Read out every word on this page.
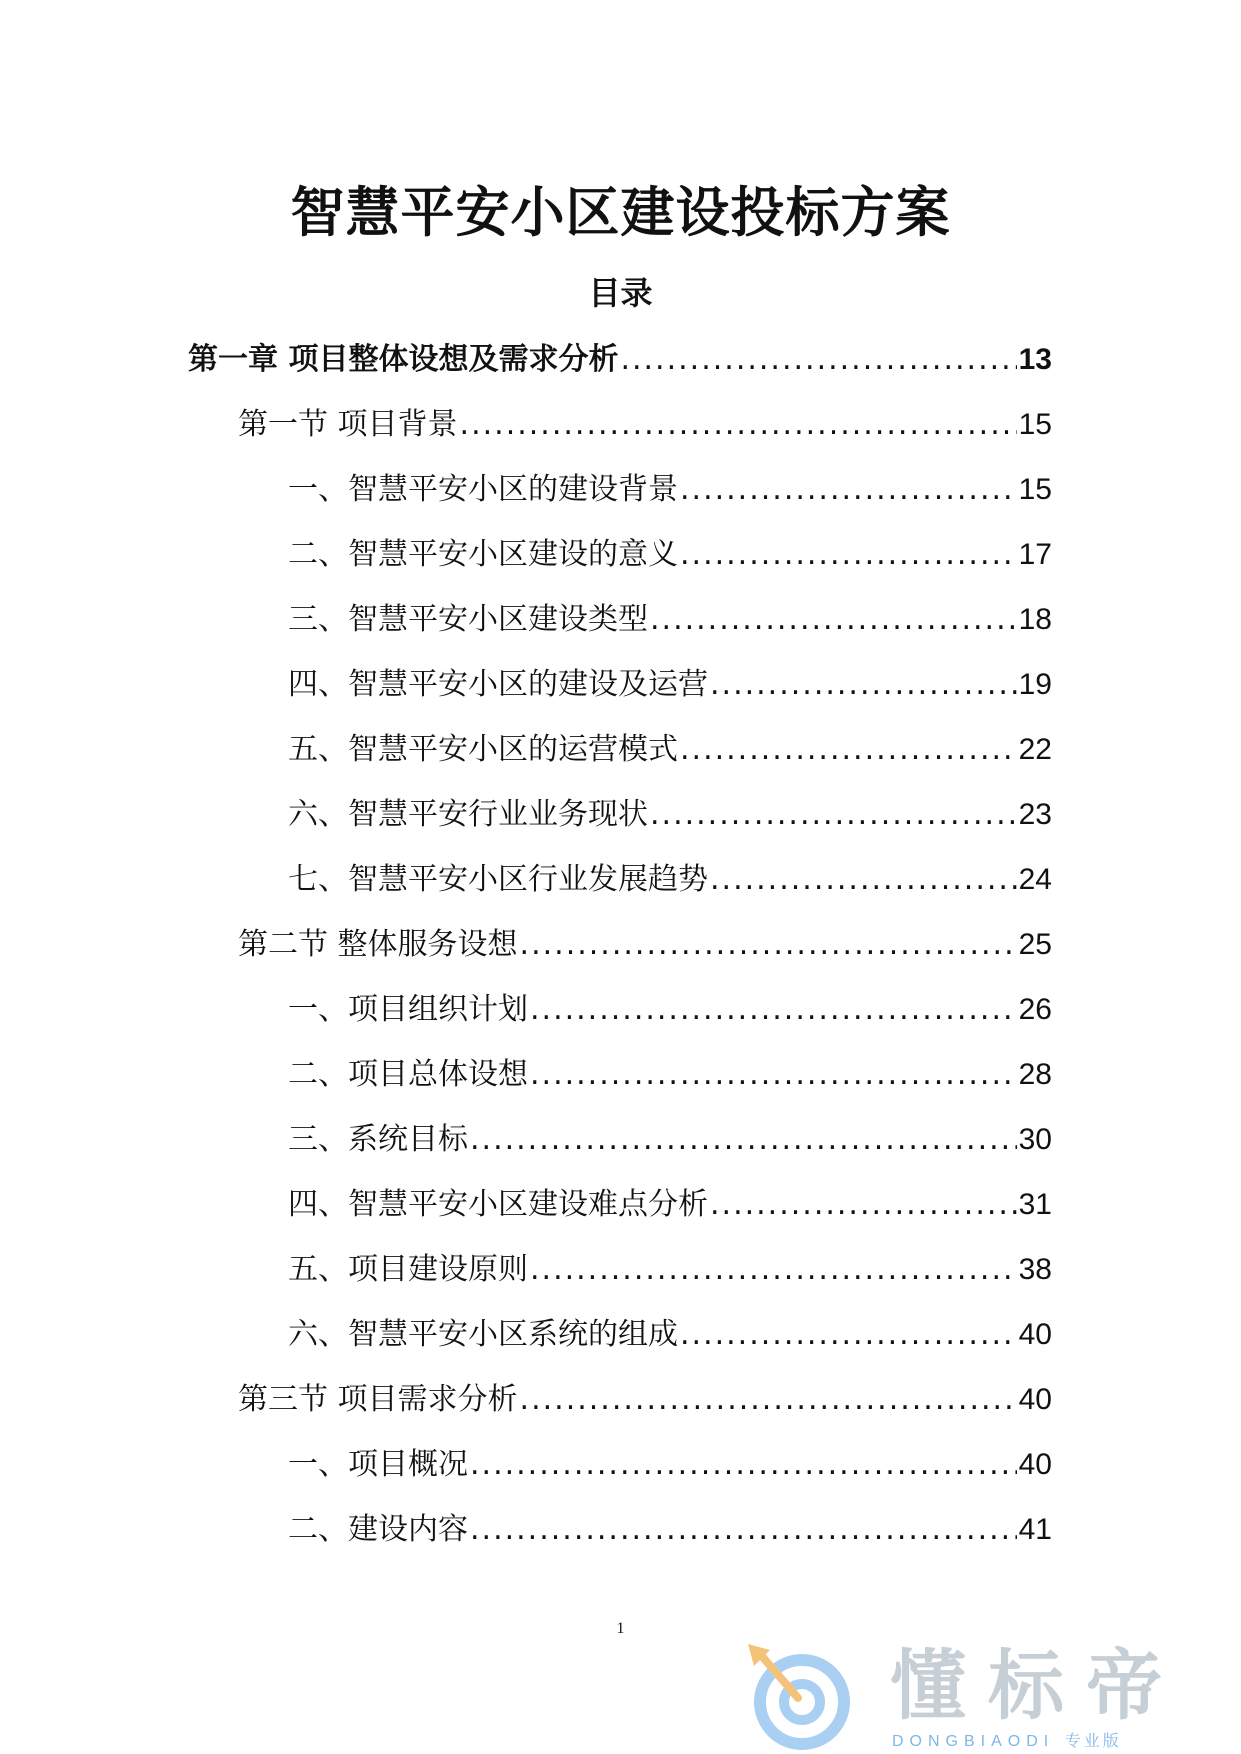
智慧平安小区建设投标方案
目录
第一章 项目整体设想及需求分析 .....	13
第一节 项目背景 .....	15
一、智慧平安小区的建设背景 .....	15
二、智慧平安小区建设的意义 .....	17
三、智慧平安小区建设类型 .....	18
四、智慧平安小区的建设及运营 .....	19
五、智慧平安小区的运营模式 .....	22
六、智慧平安行业业务现状 .....	23
七、智慧平安小区行业发展趋势 .....	24
第二节 整体服务设想 .....	25
一、项目组织计划 .....	26
二、项目总体设想 .....	28
三、系统目标 .....	30
四、智慧平安小区建设难点分析 .....	31
五、项目建设原则 .....	38
六、智慧平安小区系统的组成 .....	40
第三节 项目需求分析 .....	40
一、项目概况 .....	40
二、建设内容 .....	41
1
懂标帝
DONGBIAODI 专业版
